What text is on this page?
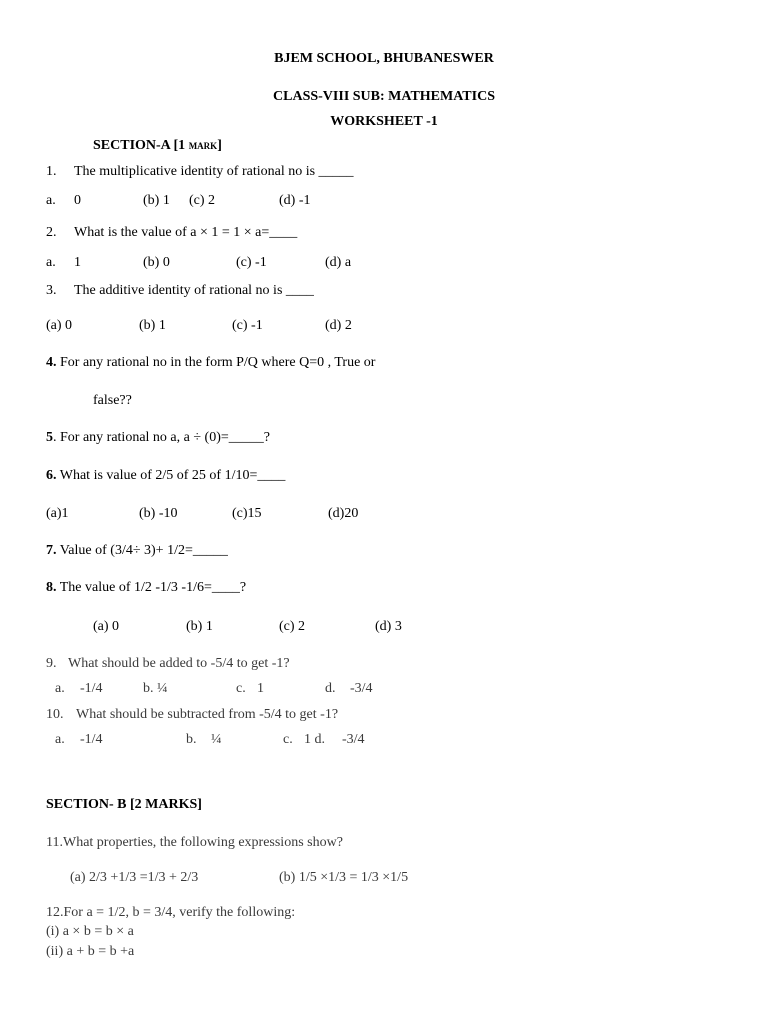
BJEM SCHOOL, BHUBANESWER
CLASS-VIII SUB: MATHEMATICS
WORKSHEET -1
SECTION-A [1 MARK]
1. The multiplicative identity of rational no is _____
a. 0	(b) 1 (c) 2	(d) -1
2. What is the value of a × 1 = 1 × a=____
a. 1	(b) 0	(c) -1	(d) a
3. The additive identity of rational no is ____
(a) 0	(b) 1	(c) -1	(d) 2
4. For any rational no in the form P/Q where Q=0 , True or
false??
5. For any rational no a, a ÷ (0)=_____?
6. What is value of 2/5 of 25 of 1/10=____
(a)1	(b) -10	(c)15	(d)20
7. Value of (3/4÷ 3)+ 1/2=_____
8. The value of 1/2 -1/3 -1/6=____?
(a) 0	(b) 1	(c) 2	(d) 3
9. What should be added to -5/4 to get -1?
a. -1/4	b. ¼	c. 1	d. -3/4
10. What should be subtracted from -5/4 to get -1?
a. -1/4	b. ¼	c. 1 d. -3/4
SECTION- B [2 MARKS]
11.What properties, the following expressions show?
(a) 2/3 +1/3 =1/3 + 2/3	(b) 1/5 ×1/3 = 1/3 ×1/5
12.For a = 1/2, b = 3/4, verify the following:
(i) a × b = b × a
(ii) a + b = b +a
